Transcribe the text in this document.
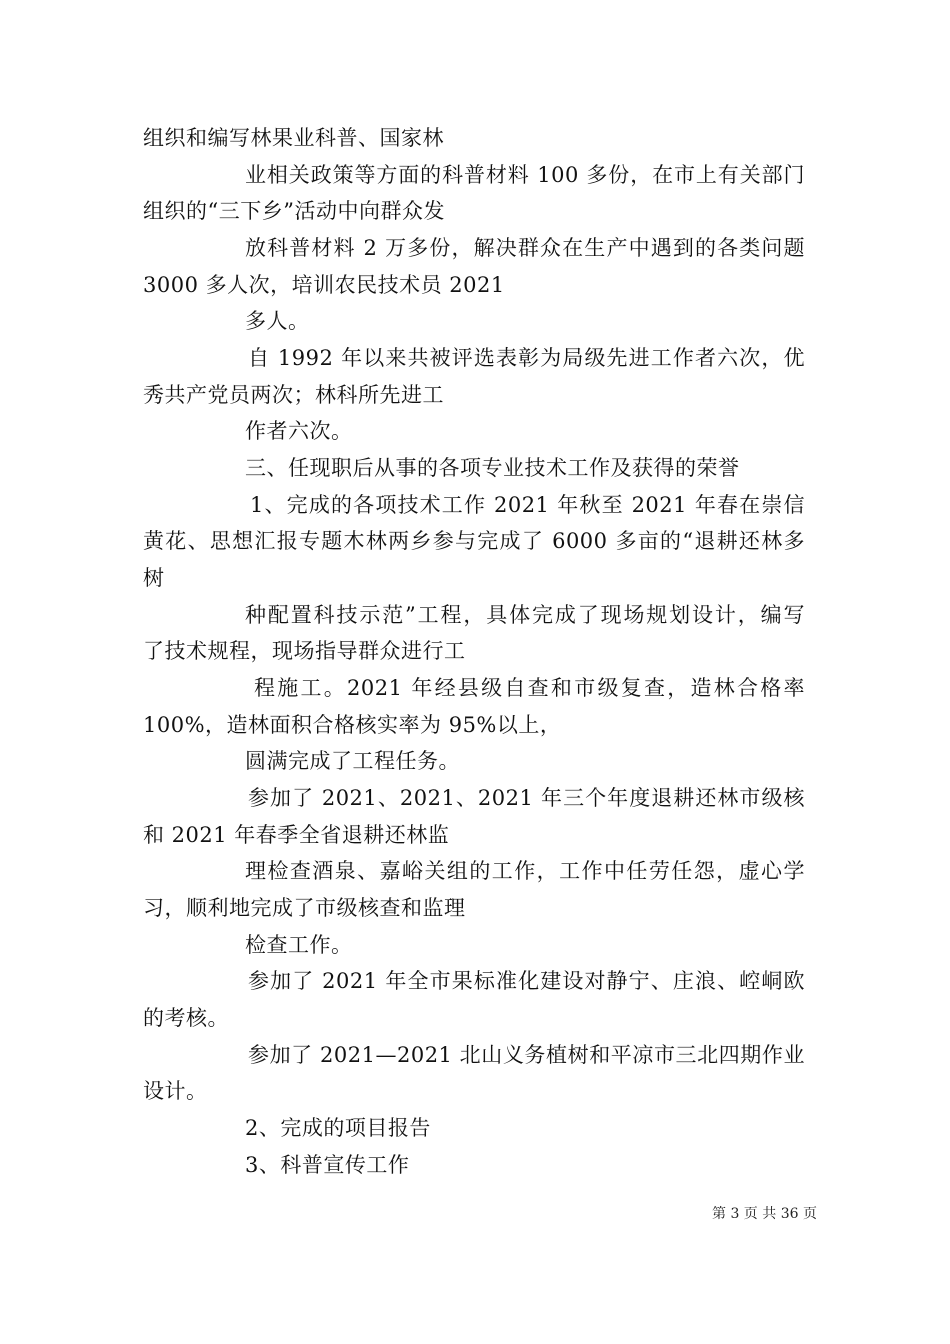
组织和编写林果业科普、国家林
业相关政策等方面的科普材料 100 多份，在市上有关部门
组织的“三下乡”活动中向群众发
放科普材料 2 万多份，解决群众在生产中遇到的各类问题
3000 多人次，培训农民技术员 2021
多人。
自 1992 年以来共被评选表彰为局级先进工作者六次，优
秀共产党员两次；林科所先进工
作者六次。
三、任现职后从事的各项专业技术工作及获得的荣誉
1、完成的各项技术工作 2021 年秋至 2021 年春在崇信
黄花、思想汇报专题木林两乡参与完成了 6000 多亩的“退耕还林多
树
种配置科技示范”工程，具体完成了现场规划设计，编写
了技术规程，现场指导群众进行工
程施工。2021 年经县级自查和市级复查，造林合格率
100%，造林面积合格核实率为 95%以上，
圆满完成了工程任务。
参加了 2021、2021、2021 年三个年度退耕还林市级核
和 2021 年春季全省退耕还林监
理检查酒泉、嘉峪关组的工作，工作中任劳任怨，虚心学
习，顺利地完成了市级核查和监理
检查工作。
参加了 2021 年全市果标准化建设对静宁、庄浪、崆峒欧
的考核。
参加了 2021—2021 北山义务植树和平凉市三北四期作业
设计。
2、完成的项目报告
3、科普宣传工作
第 3 页 共 36 页
